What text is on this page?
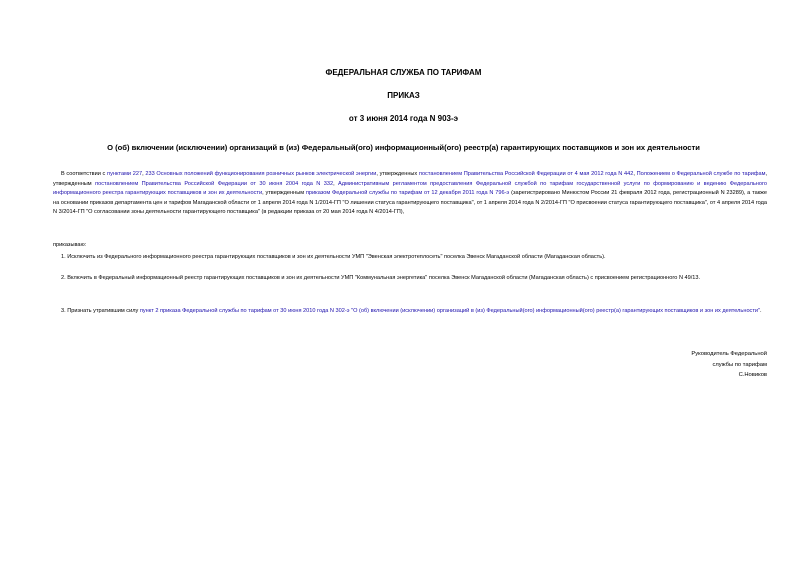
ФЕДЕРАЛЬНАЯ СЛУЖБА ПО ТАРИФАМ

ПРИКАЗ

от 3 июня 2014 года N 903-э

О (об) включении (исключении) организаций в (из) Федеральный(ого) информационный(ого) реестр(а) гарантирующих поставщиков и зон их деятельности

В соответствии с пунктами 227, 233 Основных положений функционирования розничных рынков электрической энергии, утвержденных постановлением Правительства Российской Федерации от 4 мая 2012 года N 442, Положением о Федеральной службе по тарифам, утвержденным постановлением Правительства Российской Федерации от 30 июня 2004 года N 332, Административным регламентом предоставления Федеральной службой по тарифам государственной услуги по формированию и ведению Федерального информационного реестра гарантирующих поставщиков и зон их деятельности, утвержденным приказом Федеральной службы по тарифам от 12 декабря 2011 года N 796-э (зарегистрировано Минюстом России 21 февраля 2012 года, регистрационный N 23289), а также на основании приказов департамента цен и тарифов Магаданской области от 1 апреля 2014 года N 1/2014-ГП "О лишении статуса гарантирующего поставщика", от 1 апреля 2014 года N 2/2014-ГП "О присвоении статуса гарантирующего поставщика", от 4 апреля 2014 года N 3/2014-ГП "О согласовании зоны деятельности гарантирующего поставщика" (в редакции приказа от 20 мая 2014 года N 4/2014-ГП),

приказываю:

1. Исключить из Федерального информационного реестра гарантирующих поставщиков и зон их деятельности УМП "Эвенская электротеплосеть" поселка Эвенск Магаданской области (Магаданская область).

2. Включить в Федеральный информационный реестр гарантирующих поставщиков и зон их деятельности УМП "Коммунальная энергетика" поселка Эвенск Магаданской области (Магаданская область) с присвоением регистрационного N 49/13.

3. Признать утратившим силу пункт 2 приказа Федеральной службы по тарифам от 30 июня 2010 года N 302-э "О (об) включении (исключении) организаций в (из) Федеральный(ого) информационный(ого) реестр(а) гарантирующих поставщиков и зон их деятельности".

Руководитель Федеральной
службы по тарифам
С.Новиков
